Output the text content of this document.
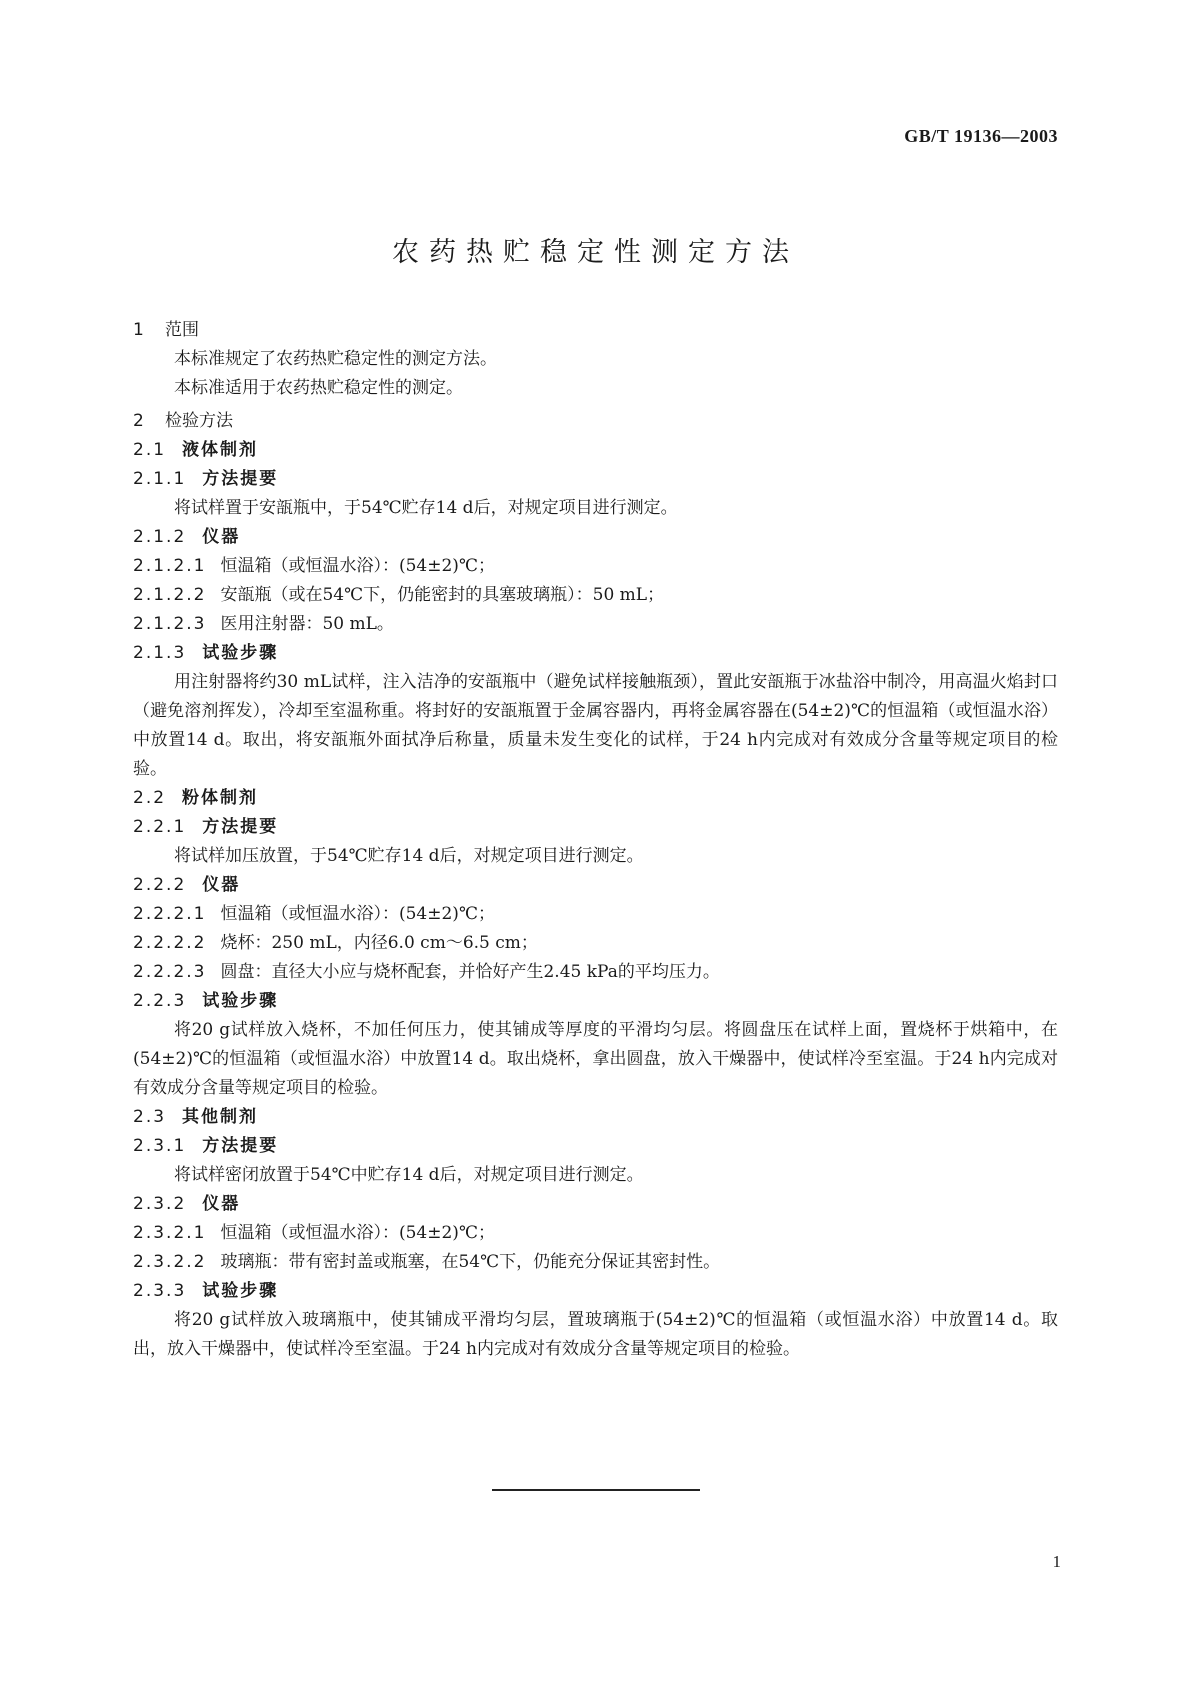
GB/T 19136—2003
农药热贮稳定性测定方法
1 范围
本标准规定了农药热贮稳定性的测定方法。
本标准适用于农药热贮稳定性的测定。
2 检验方法
2.1 液体制剂
2.1.1 方法提要
将试样置于安瓿瓶中，于54℃贮存14 d后，对规定项目进行测定。
2.1.2 仪器
2.1.2.1 恒温箱（或恒温水浴）：(54±2)℃；
2.1.2.2 安瓿瓶（或在54℃下，仍能密封的具塞玻璃瓶）：50 mL；
2.1.2.3 医用注射器：50 mL。
2.1.3 试验步骤
用注射器将约30 mL试样，注入洁净的安瓿瓶中（避免试样接触瓶颈），置此安瓿瓶于冰盐浴中制冷，用高温火焰封口（避免溶剂挥发），冷却至室温称重。将封好的安瓿瓶置于金属容器内，再将金属容器在(54±2)℃的恒温箱（或恒温水浴）中放置14 d。取出，将安瓿瓶外面拭净后称量，质量未发生变化的试样，于24 h内完成对有效成分含量等规定项目的检验。
2.2 粉体制剂
2.2.1 方法提要
将试样加压放置，于54℃贮存14 d后，对规定项目进行测定。
2.2.2 仪器
2.2.2.1 恒温箱（或恒温水浴）：(54±2)℃；
2.2.2.2 烧杯：250 mL，内径6.0 cm～6.5 cm；
2.2.2.3 圆盘：直径大小应与烧杯配套，并恰好产生2.45 kPa的平均压力。
2.2.3 试验步骤
将20 g试样放入烧杯，不加任何压力，使其铺成等厚度的平滑均匀层。将圆盘压在试样上面，置烧杯于烘箱中，在(54±2)℃的恒温箱（或恒温水浴）中放置14 d。取出烧杯，拿出圆盘，放入干燥器中，使试样冷至室温。于24 h内完成对有效成分含量等规定项目的检验。
2.3 其他制剂
2.3.1 方法提要
将试样密闭放置于54℃中贮存14 d后，对规定项目进行测定。
2.3.2 仪器
2.3.2.1 恒温箱（或恒温水浴）：(54±2)℃；
2.3.2.2 玻璃瓶：带有密封盖或瓶塞，在54℃下，仍能充分保证其密封性。
2.3.3 试验步骤
将20 g试样放入玻璃瓶中，使其铺成平滑均匀层，置玻璃瓶于(54±2)℃的恒温箱（或恒温水浴）中放置14 d。取出，放入干燥器中，使试样冷至室温。于24 h内完成对有效成分含量等规定项目的检验。
1
